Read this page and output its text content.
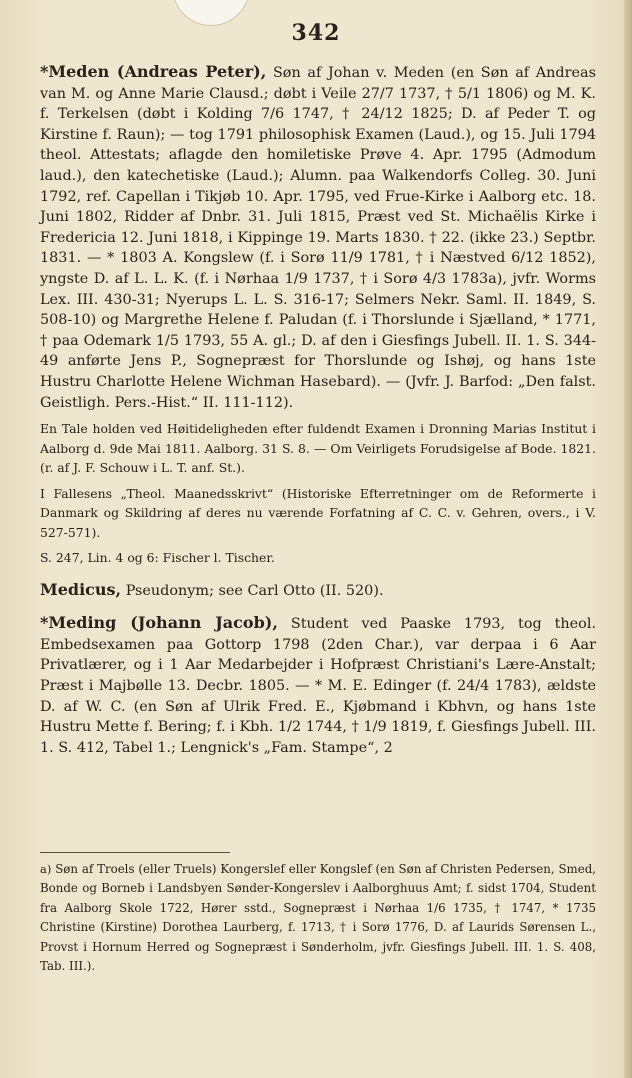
342

*Meden (Andreas Peter), Søn af Johan v. Meden (en Søn af Andreas van M. og Anne Marie Clausd.; døbt i Veile 27/7 1737, † 5/1 1806) og M. K. f. Terkelsen (døbt i Kolding 7/6 1747, † 24/12 1825; D. af Peder T. og Kirstine f. Raun); — tog 1791 philosophisk Examen (Laud.), og 15. Juli 1794 theol. Attestats; aflagde den homiletiske Prøve 4. Apr. 1795 (Admodum laud.), den katechetiske (Laud.); Alumn. paa Walkendorfs Colleg. 30. Juni 1792, ref. Capellan i Tikjøb 10. Apr. 1795, ved Frue-Kirke i Aalborg etc. 18. Juni 1802, Ridder af Dnbr. 31. Juli 1815, Præst ved St. Michaëlis Kirke i Fredericia 12. Juni 1818, i Kippinge 19. Marts 1830. † 22. (ikke 23.) Septbr. 1831. — * 1803 A. Kongslew (f. i Sorø 11/9 1781, † i Næstved 6/12 1852), yngste D. af L. L. K. (f. i Nørhaa 1/9 1737, † i Sorø 4/3 1783a), jvfr. Worms Lex. III. 430-31; Nyerups L. L. S. 316-17; Selmers Nekr. Saml. II. 1849, S. 508-10) og Margrethe Helene f. Paludan (f. i Thorslunde i Sjælland, * 1771, † paa Odemark 1/5 1793, 55 A. gl.; D. af den i Giesfings Jubell. II. 1. S. 344-49 anførte Jens P., Sognepræst for Thorslunde og Ishøj, og hans 1ste Hustru Charlotte Helene Wichman Hasebard). — (Jvfr. J. Barfod: „Den falst. Geistligh. Pers.-Hist.“ II. 111-112).

En Tale holden ved Høitideligheden efter fuldendt Examen i Dronning Marias Institut i Aalborg d. 9de Mai 1811. Aalborg. 31 S. 8. — Om Veirligets Forudsigelse af Bode. 1821. (r. af J. F. Schouw i L. T. anf. St.).

I Fallesens „Theol. Maanedsskrivt“ (Historiske Efterretninger om de Reformerte i Danmark og Skildring af deres nu værende Forfatning af C. C. v. Gehren, overs., i V. 527-571).

S. 247, Lin. 4 og 6: Fischer l. Tischer.

Medicus, Pseudonym; see Carl Otto (II. 520).

*Meding (Johann Jacob), Student ved Paaske 1793, tog theol. Embedsexamen paa Gottorp 1798 (2den Char.), var derpaa i 6 Aar Privatlærer, og i 1 Aar Medarbejder i Hofpræst Christiani's Lære-Anstalt; Præst i Majbølle 13. Decbr. 1805. — * M. E. Edinger (f. 24/4 1783), ældste D. af W. C. (en Søn af Ulrik Fred. E., Kjøbmand i Kbhvn, og hans 1ste Hustru Mette f. Bering; f. i Kbh. 1/2 1744, † 1/9 1819, f. Giesfings Jubell. III. 1. S. 412, Tabel 1.; Lengnick's „Fam. Stampe“, 2

a) Søn af Troels (eller Truels) Kongerslef eller Kongslef (en Søn af Christen Pedersen, Smed, Bonde og Borneb i Landsbyen Sønder-Kongerslev i Aalborghuus Amt; f. sidst 1704, Student fra Aalborg Skole 1722, Hører sstd., Sognepræst i Nørhaa 1/6 1735, † 1747, * 1735 Christine (Kirstine) Dorothea Laurberg, f. 1713, † i Sorø 1776, D. af Laurids Sørensen L., Provst i Hornum Herred og Sognepræst i Sønderholm, jvfr. Giesfings Jubell. III. 1. S. 408, Tab. III.).
